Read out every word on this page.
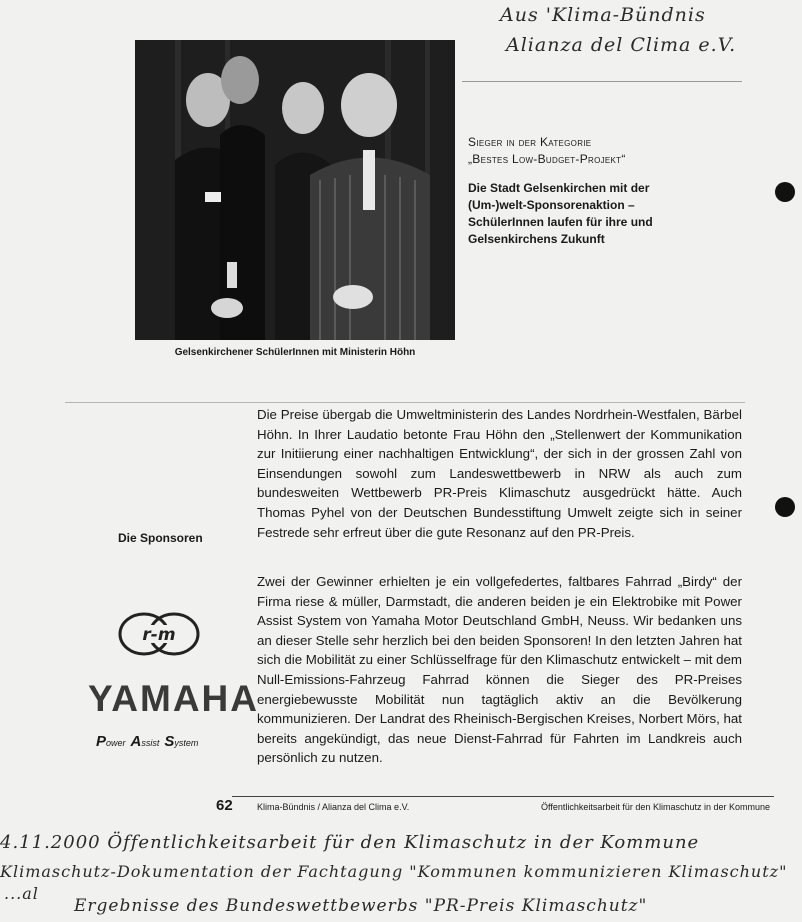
Aus 'Klima-Bündnis
Alianza del Clima e.V.
Gelsenkirchener SchülerInnen mit Ministerin Höhn
Sieger in der Kategorie
„Bestes Low-Budget-Projekt“
Die Stadt Gelsenkirchen mit der (Um-)welt-Sponsorenaktion – SchülerInnen laufen für ihre und Gelsenkirchens Zukunft
Die Preise übergab die Umweltministerin des Landes Nordrhein-Westfalen, Bärbel Höhn. In Ihrer Laudatio betonte Frau Höhn den „Stellenwert der Kommunikation zur Initiierung einer nachhaltigen Entwicklung“, der sich in der grossen Zahl von Einsendungen sowohl zum Landeswettbewerb in NRW als auch zum bundesweiten Wettbewerb PR-Preis Klimaschutz ausgedrückt hätte. Auch Thomas Pyhel von der Deutschen Bundesstiftung Umwelt zeigte sich in seiner Festrede sehr erfreut über die gute Resonanz auf den PR-Preis.
Zwei der Gewinner erhielten je ein vollgefedertes, faltbares Fahrrad „Birdy“ der Firma riese & müller, Darmstadt, die anderen beiden je ein Elektrobike mit Power Assist System von Yamaha Motor Deutschland GmbH, Neuss. Wir bedanken uns an dieser Stelle sehr herzlich bei den beiden Sponsoren! In den letzten Jahren hat sich die Mobilität zu einer Schlüsselfrage für den Klimaschutz entwickelt – mit dem Null-Emissions-Fahrzeug Fahrrad können die Sieger des PR-Preises energiebewusste Mobilität nun tagtäglich aktiv an die Bevölkerung kommunizieren. Der Landrat des Rheinisch-Bergischen Kreises, Norbert Mörs, hat bereits angekündigt, das neue Dienst-Fahrrad für Fahrten im Landkreis auch persönlich zu nutzen.
Die Sponsoren
r-m
YAMAHA
Power Assist System
62	Klima-Bündnis / Alianza del Clima e.V.	Öffentlichkeitsarbeit für den Klimaschutz in der Kommune
4.11.2000 Öffentlichkeitsarbeit für den Klimaschutz in der Kommune
Klimaschutz-Dokumentation der Fachtagung "Kommunen kommunizieren Klimaschutz"
...al
Ergebnisse des Bundeswettbewerbs "PR-Preis Klimaschutz"
